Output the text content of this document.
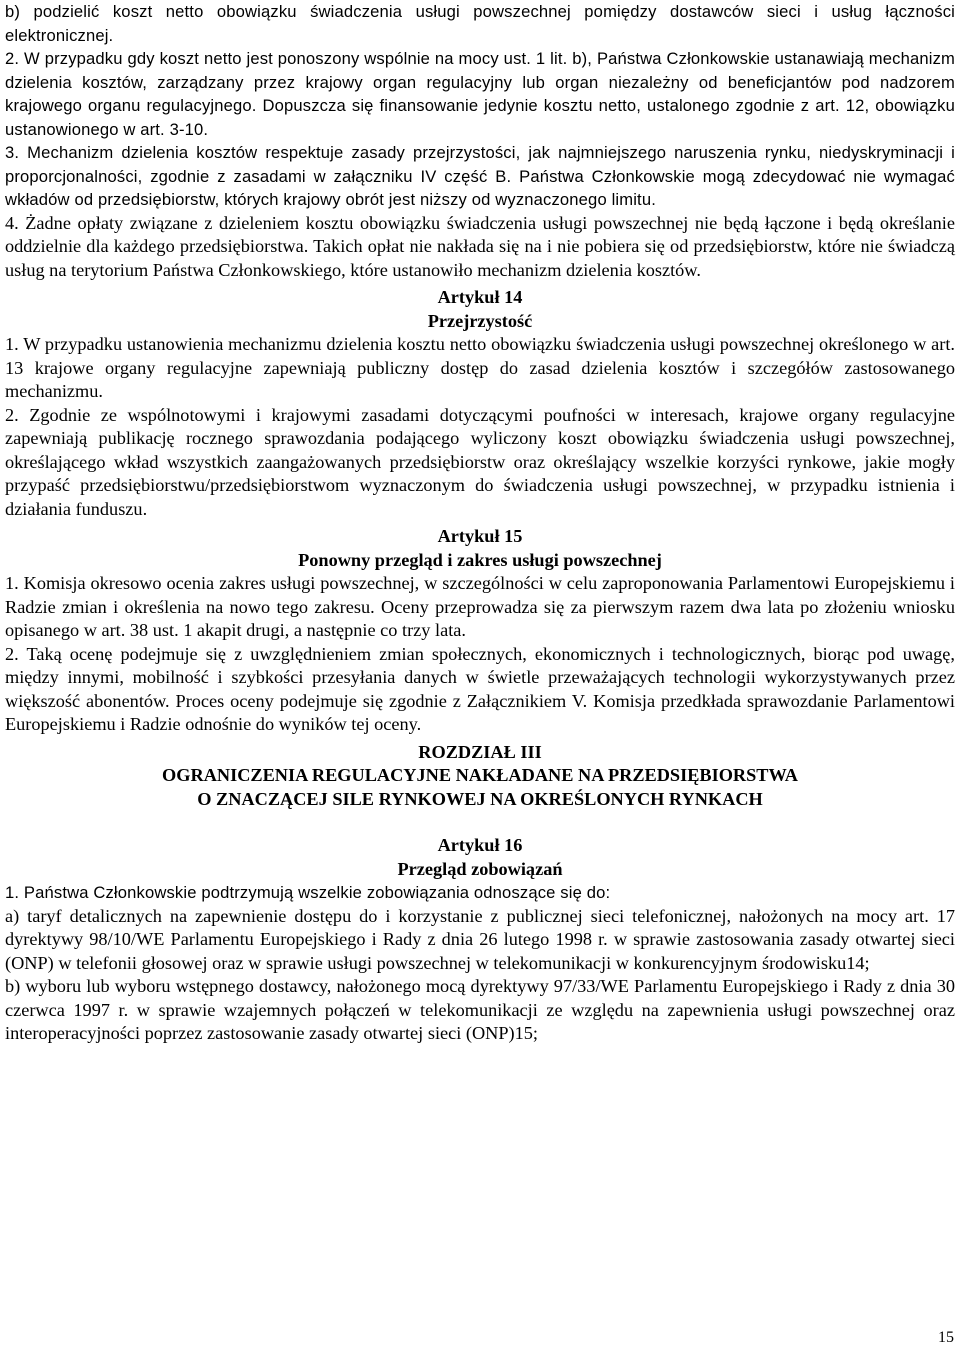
b) podzielić koszt netto obowiązku świadczenia usługi powszechnej pomiędzy dostawców sieci i usług łączności elektronicznej.

2. W przypadku gdy koszt netto jest ponoszony wspólnie na mocy ust. 1 lit. b), Państwa Członkowskie ustanawiają mechanizm dzielenia kosztów, zarządzany przez krajowy organ regulacyjny lub organ niezależny od beneficjantów pod nadzorem krajowego organu regulacyjnego. Dopuszcza się finansowanie jedynie kosztu netto, ustalonego zgodnie z art. 12, obowiązku ustanowionego w art. 3-10.

3. Mechanizm dzielenia kosztów respektuje zasady przejrzystości, jak najmniejszego naruszenia rynku, niedyskryminacji i proporcjonalności, zgodnie z zasadami w załączniku IV część B. Państwa Członkowskie mogą zdecydować nie wymagać wkładów od przedsiębiorstw, których krajowy obrót jest niższy od wyznaczonego limitu.

4. Żadne opłaty związane z dzieleniem kosztu obowiązku świadczenia usługi powszechnej nie będą łączone i będą określanie oddzielnie dla każdego przedsiębiorstwa. Takich opłat nie nakłada się na i nie pobiera się od przedsiębiorstw, które nie świadczą usług na terytorium Państwa Członkowskiego, które ustanowiło mechanizm dzielenia kosztów.

Artykuł 14

Przejrzystość

1. W przypadku ustanowienia mechanizmu dzielenia kosztu netto obowiązku świadczenia usługi powszechnej określonego w art. 13 krajowe organy regulacyjne zapewniają publiczny dostęp do zasad dzielenia kosztów i szczegółów zastosowanego mechanizmu.

2. Zgodnie ze wspólnotowymi i krajowymi zasadami dotyczącymi poufności w interesach, krajowe organy regulacyjne zapewniają publikację rocznego sprawozdania podającego wyliczony koszt obowiązku świadczenia usługi powszechnej, określającego wkład wszystkich zaangażowanych przedsiębiorstw oraz określający wszelkie korzyści rynkowe, jakie mogły przypaść przedsiębiorstwu/przedsiębiorstwom wyznaczonym do świadczenia usługi powszechnej, w przypadku istnienia i działania funduszu.

Artykuł 15

Ponowny przegląd i zakres usługi powszechnej

1. Komisja okresowo ocenia zakres usługi powszechnej, w szczególności w celu zaproponowania Parlamentowi Europejskiemu i Radzie zmian i określenia na nowo tego zakresu. Oceny przeprowadza się za pierwszym razem dwa lata po złożeniu wniosku opisanego w art. 38 ust. 1 akapit drugi, a następnie co trzy lata.

2. Taką ocenę podejmuje się z uwzględnieniem zmian społecznych, ekonomicznych i technologicznych, biorąc pod uwagę, między innymi, mobilność i szybkości przesyłania danych w świetle przeważających technologii wykorzystywanych przez większość abonentów. Proces oceny podejmuje się zgodnie z Załącznikiem V. Komisja przedkłada sprawozdanie Parlamentowi Europejskiemu i Radzie odnośnie do wyników tej oceny.

ROZDZIAŁ III

OGRANICZENIA REGULACYJNE NAKŁADANE NA PRZEDSIĘBIORSTWA

O ZNACZĄCEJ SILE RYNKOWEJ NA OKREŚLONYCH RYNKACH

Artykuł 16

Przegląd zobowiązań

1. Państwa Członkowskie podtrzymują wszelkie zobowiązania odnoszące się do:

a) taryf detalicznych na zapewnienie dostępu do i korzystanie z publicznej sieci telefonicznej, nałożonych na mocy art. 17 dyrektywy 98/10/WE Parlamentu Europejskiego i Rady z dnia 26 lutego 1998 r. w sprawie zastosowania zasady otwartej sieci (ONP) w telefonii głosowej oraz w sprawie usługi powszechnej w telekomunikacji w konkurencyjnym środowisku14;

b) wyboru lub wyboru wstępnego dostawcy, nałożonego mocą dyrektywy 97/33/WE Parlamentu Europejskiego i Rady z dnia 30 czerwca 1997 r. w sprawie wzajemnych połączeń w telekomunikacji ze względu na zapewnienia usługi powszechnej oraz interoperacyjności poprzez zastosowanie zasady otwartej sieci (ONP)15;

15
